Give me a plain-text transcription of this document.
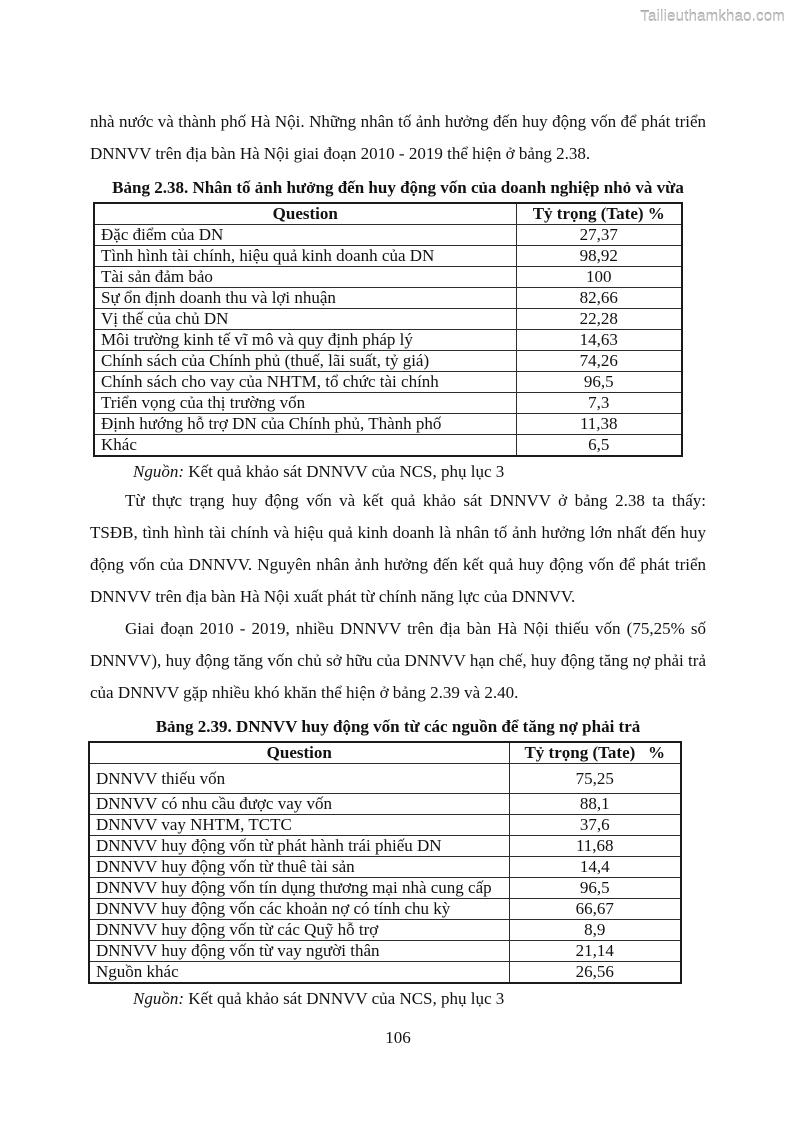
Tailieuthamkhao.com

nhà nước và thành phố Hà Nội. Những nhân tố ảnh hưởng đến huy động vốn để phát triển DNNVV trên địa bàn Hà Nội giai đoạn 2010 - 2019 thể hiện ở bảng 2.38.

Bảng 2.38. Nhân tố ảnh hưởng đến huy động vốn của doanh nghiệp nhỏ và vừa
Question	Tỷ trọng (Tate) %
Đặc điểm của DN	27,37
Tình hình tài chính, hiệu quả kinh doanh của DN	98,92
Tài sản đảm bảo	100
Sự ổn định doanh thu và lợi nhuận	82,66
Vị thế của chủ DN	22,28
Môi trường kinh tế vĩ mô và quy định pháp lý	14,63
Chính sách của Chính phủ (thuế, lãi suất, tỷ giá)	74,26
Chính sách cho vay của NHTM, tổ chức tài chính	96,5
Triển vọng của thị trường vốn	7,3
Định hướng hỗ trợ DN của Chính phủ, Thành phố	11,38
Khác	6,5
Nguồn: Kết quả khảo sát DNNVV của NCS, phụ lục 3

Từ thực trạng huy động vốn và kết quả khảo sát DNNVV ở bảng 2.38 ta thấy: TSĐB, tình hình tài chính và hiệu quả kinh doanh là nhân tố ảnh hưởng lớn nhất đến huy động vốn của DNNVV. Nguyên nhân ảnh hưởng đến kết quả huy động vốn để phát triển DNNVV trên địa bàn Hà Nội xuất phát từ chính năng lực của DNNVV.

Giai đoạn 2010 - 2019, nhiều DNNVV trên địa bàn Hà Nội thiếu vốn (75,25% số DNNVV), huy động tăng vốn chủ sở hữu của DNNVV hạn chế, huy động tăng nợ phải trả của DNNVV gặp nhiều khó khăn thể hiện ở bảng 2.39 và 2.40.

Bảng 2.39. DNNVV huy động vốn từ các nguồn để tăng nợ phải trả
Question	Tỷ trọng (Tate)   %
DNNVV thiếu vốn	75,25
DNNVV có nhu cầu được vay vốn	88,1
DNNVV vay NHTM, TCTC	37,6
DNNVV huy động vốn từ phát hành trái phiếu DN	11,68
DNNVV huy động vốn từ thuê tài sản	14,4
DNNVV huy động vốn tín dụng thương mại nhà cung cấp	96,5
DNNVV huy động vốn các khoản nợ có tính chu kỳ	66,67
DNNVV huy động vốn từ các Quỹ hỗ trợ	8,9
DNNVV huy động vốn từ vay người thân	21,14
Nguồn khác	26,56
Nguồn: Kết quả khảo sát DNNVV của NCS, phụ lục 3
106
